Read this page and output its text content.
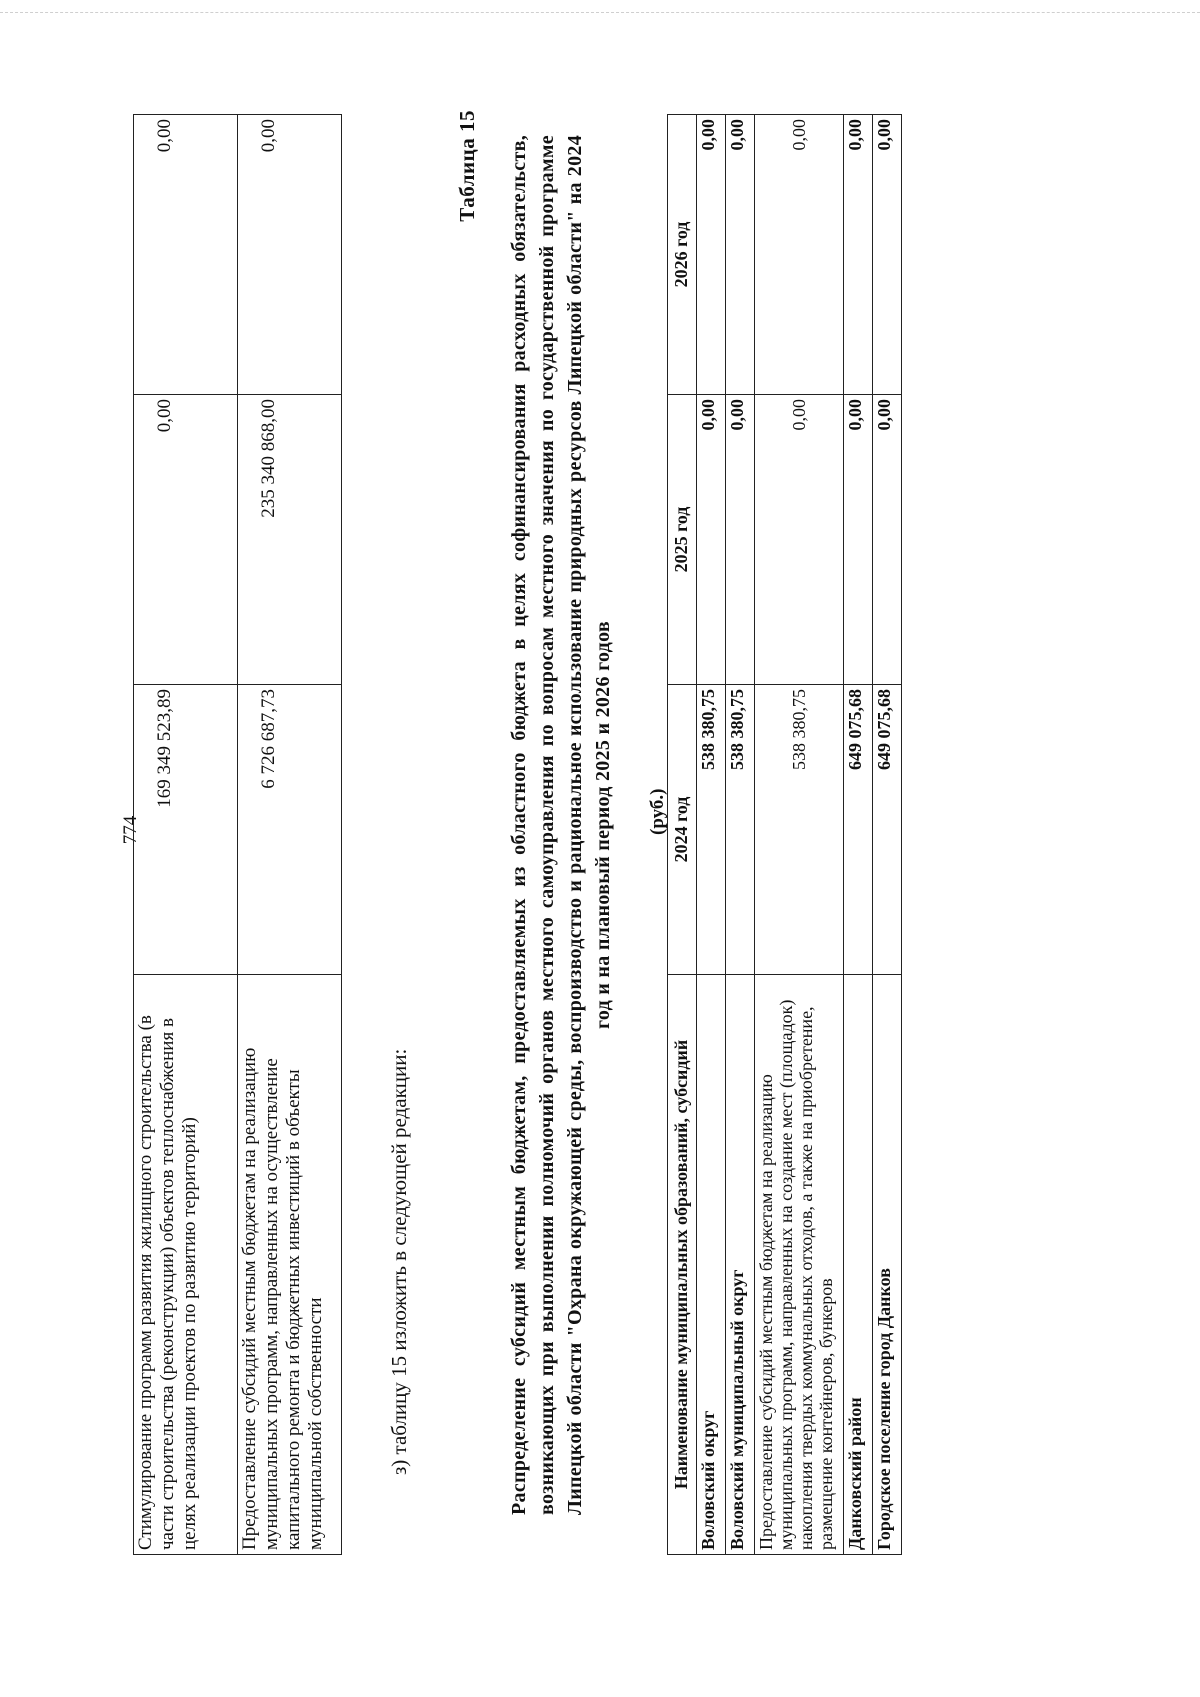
774
Стимулирование программ развития жилищного строительства (в части строительства (реконструкции) объектов теплоснабжения в целях реализации проектов по развитию территорий)	169 349 523,89	0,00	0,00
Предоставление субсидий местным бюджетам на реализацию муниципальных программ, направленных на осуществление капитального ремонта и бюджетных инвестиций в объекты муниципальной собственности	6 726 687,73	235 340 868,00	0,00
з) таблицу 15 изложить в следующей редакции:
Таблица 15 Распределение субсидий местным бюджетам, предоставляемых из областного бюджета в целях софинансирования расходных обязательств, возникающих при выполнении полномочий органов местного самоуправления по вопросам местного значения по государственной программе Липецкой области "Охрана окружающей среды, воспроизводство и рациональное использование природных ресурсов Липецкой области" на 2024 год и на плановый период 2025 и 2026 годов (руб.)
Наименование муниципальных образований, субсидий	2024 год	2025 год	2026 год
Воловский округ	538 380,75	0,00	0,00
Воловский муниципальный округ	538 380,75	0,00	0,00
Предоставление субсидий местным бюджетам на реализацию муниципальных программ, направленных на создание мест (площадок) накопления твердых коммунальных отходов, а также на приобретение, размещение контейнеров, бункеров	538 380,75	0,00	0,00
Данковский район	649 075,68	0,00	0,00
Городское поселение город Данков	649 075,68	0,00	0,00
